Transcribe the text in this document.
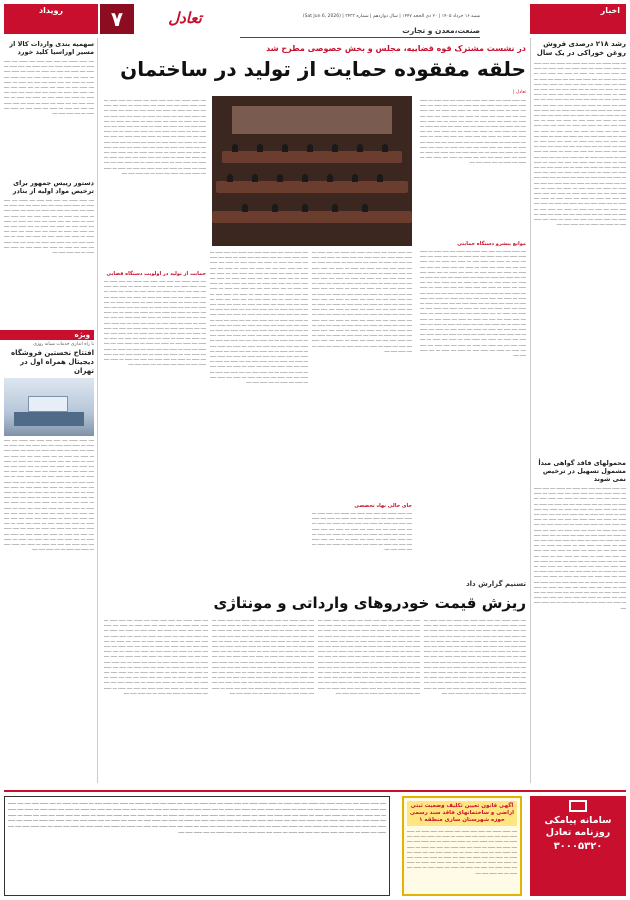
رویداد	۷	تعادل	شنبه ۱۶ خرداد ۱۴۰۵ | ۲۰ ذی الحجه ۱۴۴۷ | سال دوازدهم | شماره ۳۴۳۳ | (Sat Jun 6, 2026)
صنعت،معدن و تجارت
اخبار
رشد ۲۱۸ درصدی فروش روغن خوراکی در یک سال
ـــــ ـــــــ ــــــــ ـــــ ــــــ ــــــ ـــــــ ـــــ ــــــــ ـــــ ــــــ ـــــــ ــــ ـــــــ ـــــــ ـــــــ ـــــ ــــــ ـــــــ ـــــ ــــــ ـــــــ ــــ ـــــــ ـــــ ـــــــ ـــــ ــــــ ـــــ ـــــــ ــــ ـــــــ ـــــ ـــــــ ــــــ ــــ ـــــــ ـــــ ـــــــ ــــ ـــــ ـــــــ ــــــ ـــــ ـــــ ـــــــ ـــــ ـــــــ ــــ ـــــــ ـــــ ــــــ ـــــــ ـــــ ــــــ ـــــ ـــــــ ــــ ـــــــ ـــــ ـــــــ ــــــ ــــ ـــــــ ـــــ ـــــــ ــــ ـــــ ـــــــ ــــــ ـــــ ـــــ ـــــــ ـــــ ـــــــ ــــ ـــــــ ـــــ ــــــ ـــــــ ـــــ ــــــ ـــــ ـــــــ ــــ ـــــــ ـــــ ـــــــ ــــــ ــــ ـــــــ ـــــ ـــــــ ــــ ـــــ ـــــــ ــــــ ـــــ ـــــ ـــــــ ـــــ ـــــــ ــــ ـــــــ ـــــ ــــــ ـــــــ ـــــ ــــــ ـــــ ـــــــ ــــ ـــــــ ـــــ ـــــــ ــــــ ــــ ـــــــ ـــــ ـــــــ ــــ ـــــ ـــــــ ــــــ ـــــ ـــــ ـــــــ ـــــ ـــــــ ــــ ـــــــ ـــــ ــــــ ـــــــ ـــــ ــــــ ـــــ ـــــــ ــــ ـــــــ ـــــ ـــــــ ــــــ ــــ ـــــــ ـــــ ـــــــ ــــ ـــــ ـــــــ ــــــ ـــــ ـــــ ـــــــ ـــــ ـــــــ ــــ ـــــــ ـــــ ــــــ ـــــــ ـــــ ــــــ ـــــ ـــــــ ــــ ـــــــ ـــــ ـــــــ ــــــ ــــ ـــــــ ـــــ ـــــــ ــــ ـــــ ـــــــ ــــــ ـــــ ـــــ ـــــــ ـــــ ـــــــ ــــ ـــــــ ـــــ ــــــ ـــــــ ـــــ ــــــ ـــــ ـــــــ ــــ ـــــــ ـــــ ـــــــ ــــــ ــــ ـــــــ ـــــ ـــــــ ــــ ـــــ ـــــــ ــــــ ـــــ ـــــ ـــــــ ـــــ ـــــــ ــــ ـــــــ ـــــ ــــــ ـــــــ ـــــ ــــــ ـــــ ـــــــ ــــ ـــــــ ـــــ ـــــــ ــــــ ــــ ـــــــ ـــــ ـــــــ ــــ ـــــ ـــــــ ــــــ ـــــ ـــــ ـــــــ ـــــ ـــــــ ــــ ـــــــ ـــــ ــــــ ـــــــ ـــــ ــــــ ـــــ ـــــــ ــــ ـــــــ ـــــ ـــــــ ــــــ ــــ ـــــــ ـــــ ـــــــ ــــ ـــــ ـــــــ ــــــ ـــــ ـــــ ـــــــ ـــــ ـــــــ ــــ ـــــــ ـــــ ــــــ ـــــــ ـــــ ــــــ ـــــ ـــــــ ــــ ـــــــ ـــــ ـــــــ ــــــ ــــ ـــــــ ـــــ ـــــــ ــــ ـــــ ـــــــ ــــــ ـــــ ـــــ ـــــــ ـــــ ـــــــ ــــ ـــــــ ـــــ ــــــ ـــــــ ـــــ ــــــ ـــــ ـــــــ ــــ ـــــــ ـــــ ـــــــ ــــــ ــــ ـــــــ ـــــ ـــــــ ــــ ـــــ ـــــــ ــــــ ـــــ ـــــ ـــــــ ـــــ ـــــــ ــــ ـــــــ ـــــ ــــــ ـــــــ ـــــ ــــــ ـــــ ـــــــ ــــ ـــــــ ـــــ ـــــــ ــــــ ــــ ـــــــ ـــــ ـــــــ ــــ ـــــ ـــــــ ــــــ ـــــ ـــــ ـــــــ ـــــ ـــــــ ــــ ـــــــ ـــــ ــــــ ـــــــ ـــــ ــــــ ـــــ ـــــــ ــــ ـــــــ ـــــ ـــــــ ــــــ ــــ ـــــــ ـــــ ـــــــ ــــ ـــــ ـــــــ ــــــ ـــــ ـــــ ـــــــ ـــــ ـــــــ ــــ ـــــــ ـــــ ــــــ ـــــــ ـــــ ــــــ ـــــ ـــــــ ــــ ـــــــ ـــــ ـــــــ ــــــ ــــ ـــــــ ـــــ ـــــــ ــــ ـــــ ـــــــ ــــــ ـــــ
محمولهای فاقد گواهی مبدأ مشمول تسهیل در ترخیص نمی شوند
ـــــ ـــــــ ــــــــ ـــــ ــــــ ــــــ ـــــــ ـــــ ــــــــ ـــــ ــــــ ـــــــ ــــ ـــــــ ـــــــ ـــــــ ـــــ ــــــ ـــــــ ـــــ ــــــ ـــــــ ــــ ـــــــ ـــــ ـــــــ ـــــ ــــــ ـــــ ـــــــ ــــ ـــــــ ـــــ ـــــــ ــــــ ــــ ـــــــ ـــــ ـــــــ ــــ ـــــ ـــــــ ــــــ ـــــ ـــــ ـــــــ ـــــ ـــــــ ــــ ـــــــ ـــــ ــــــ ـــــــ ـــــ ــــــ ـــــ ـــــــ ــــ ـــــــ ـــــ ـــــــ ــــــ ــــ ـــــــ ـــــ ـــــــ ــــ ـــــ ـــــــ ــــــ ـــــ ـــــ ـــــــ ـــــ ـــــــ ــــ ـــــــ ـــــ ــــــ ـــــــ ـــــ ــــــ ـــــ ـــــــ ــــ ـــــــ ـــــ ـــــــ ــــــ ــــ ـــــــ ـــــ ـــــــ ــــ ـــــ ـــــــ ــــــ ـــــ ـــــ ـــــــ ـــــ ـــــــ ــــ ـــــــ ـــــ ــــــ ـــــــ ـــــ ــــــ ـــــ ـــــــ ــــ ـــــــ ـــــ ـــــــ ــــــ ــــ ـــــــ ـــــ ـــــــ ــــ ـــــ ـــــــ ــــــ ـــــ ـــــ ـــــــ ـــــ ـــــــ ــــ ـــــــ ـــــ ــــــ ـــــــ ـــــ ــــــ ـــــ ـــــــ ــــ ـــــــ ـــــ ـــــــ ــــــ ــــ ـــــــ ـــــ ـــــــ ــــ ـــــ ـــــــ ــــــ ـــــ ـــــ ـــــــ ـــــ ـــــــ ــــ ـــــــ ـــــ ــــــ ـــــــ ـــــ ــــــ ـــــ ـــــــ ــــ ـــــــ ـــــ ـــــــ ــــــ ــــ ـــــــ ـــــ ـــــــ ــــ ـــــ ـــــــ ــــــ ـــــ ـــــ ـــــــ ـــــ ـــــــ ــــ ـــــــ ـــــ ــــــ ـــــــ ـــــ ــــــ ـــــ ـــــــ ــــ ـــــــ ـــــ ـــــــ ــــــ ــــ ـــــــ ـــــ ـــــــ ــــ ـــــ ـــــــ ــــــ ـــــ ـــــ ـــــــ ـــــ ـــــــ ــــ ـــــــ ـــــ ــــــ ـــــــ ـــــ ــــــ ـــــ ـــــــ ــــ ـــــــ ـــــ ـــــــ ــــــ ــــ ـــــــ ـــــ ـــــــ ــــ ـــــ ـــــــ ــــــ ـــــ ـــــ ـــــــ ـــــ ـــــــ ــــ ـــــــ ـــــ ــــــ ـــــــ ـــــ ــــــ ـــــ ـــــــ ــــ ـــــــ ـــــ ـــــــ ــــــ ــــ ـــــــ ـــــ ـــــــ ــــ ـــــ ـــــــ ــــــ ـــــ ـــــ ـــــــ ـــــ ـــــــ ــــ ـــــــ ـــــ ــــــ ـــــــ ـــــ ــــــ ـــــ ـــــــ ــــ ـــــــ ـــــ ـــــــ ــــــ ــــ ـــــــ ـــــ ـــــــ ــــ ـــــ ـــــــ ــــــ ـــــ
سهمیه بندی واردات کالا از مسیر اوراسیا کلید خورد
ـــــ ـــــــ ــــــــ ـــــ ــــــ ــــــ ـــــــ ـــــ ــــــــ ـــــ ــــــ ـــــــ ــــ ـــــــ ـــــــ ـــــــ ـــــ ــــــ ـــــــ ـــــ ــــــ ـــــــ ــــ ـــــــ ـــــ ـــــــ ـــــ ــــــ ـــــ ـــــــ ــــ ـــــــ ـــــ ـــــــ ــــــ ــــ ـــــــ ـــــ ـــــــ ــــ ـــــ ـــــــ ــــــ ـــــ ـــــ ـــــــ ـــــ ـــــــ ــــ ـــــــ ـــــ ــــــ ـــــــ ـــــ ــــــ ـــــ ـــــــ ــــ ـــــــ ـــــ ـــــــ ــــــ ــــ ـــــــ ـــــ ـــــــ ــــ ـــــ ـــــــ ــــــ ـــــ ـــــ ـــــــ ـــــ ـــــــ ــــ ـــــــ ـــــ ــــــ ـــــــ ـــــ ــــــ ـــــ ـــــــ ــــ ـــــــ ـــــ ـــــــ ــــــ ــــ ـــــــ ـــــ ـــــــ ــــ ـــــ ـــــــ ــــــ ـــــ ـــــ ـــــــ ـــــ ـــــــ ــــ ـــــــ ـــــ ــــــ ـــــــ ـــــ ــــــ ـــــ ـــــــ ــــ ـــــــ ـــــ ـــــــ ــــــ ــــ ـــــــ ـــــ ـــــــ ــــ ـــــ ـــــــ ــــــ ـــــ
دستور رییس جمهور برای ترخیص مواد اولیه از بنادر
ـــــ ـــــــ ــــــــ ـــــ ــــــ ــــــ ـــــــ ـــــ ــــــــ ـــــ ــــــ ـــــــ ــــ ـــــــ ـــــــ ـــــــ ـــــ ــــــ ـــــــ ـــــ ــــــ ـــــــ ــــ ـــــــ ـــــ ـــــــ ـــــ ــــــ ـــــ ـــــــ ــــ ـــــــ ـــــ ـــــــ ــــــ ــــ ـــــــ ـــــ ـــــــ ــــ ـــــ ـــــــ ــــــ ـــــ ـــــ ـــــــ ـــــ ـــــــ ــــ ـــــــ ـــــ ــــــ ـــــــ ـــــ ــــــ ـــــ ـــــــ ــــ ـــــــ ـــــ ـــــــ ــــــ ــــ ـــــــ ـــــ ـــــــ ــــ ـــــ ـــــــ ــــــ ـــــ ـــــ ـــــــ ـــــ ـــــــ ــــ ـــــــ ـــــ ــــــ ـــــــ ـــــ ــــــ ـــــ ـــــــ ــــ ـــــــ ـــــ ـــــــ ــــــ ــــ ـــــــ ـــــ ـــــــ ــــ ـــــ ـــــــ ــــــ ـــــ ـــــ ـــــــ ـــــ ـــــــ ــــ ـــــــ ـــــ ــــــ ـــــــ ـــــ ــــــ ـــــ ـــــــ ــــ ـــــــ ـــــ ـــــــ ــــــ ــــ ـــــــ ـــــ ـــــــ ــــ ـــــ ـــــــ ــــــ ـــــ
ویژه
با راه اندازی خدمات شبانه روزی
افتتاح نخستین فروشگاه دیجیتال همراه اول در تهران
ـــــ ـــــــ ــــــــ ـــــ ــــــ ــــــ ـــــــ ـــــ ــــــــ ـــــ ــــــ ـــــــ ــــ ـــــــ ـــــــ ـــــــ ـــــ ــــــ ـــــــ ـــــ ــــــ ـــــــ ــــ ـــــــ ـــــ ـــــــ ـــــ ــــــ ـــــ ـــــــ ــــ ـــــــ ـــــ ـــــــ ــــــ ــــ ـــــــ ـــــ ـــــــ ــــ ـــــ ـــــــ ــــــ ـــــ ـــــ ـــــــ ـــــ ـــــــ ــــ ـــــــ ـــــ ــــــ ـــــــ ـــــ ــــــ ـــــ ـــــــ ــــ ـــــــ ـــــ ـــــــ ــــــ ــــ ـــــــ ـــــ ـــــــ ــــ ـــــ ـــــــ ــــــ ـــــ ـــــ ـــــــ ـــــ ـــــــ ــــ ـــــــ ـــــ ــــــ ـــــــ ـــــ ــــــ ـــــ ـــــــ ــــ ـــــــ ـــــ ـــــــ ــــــ ــــ ـــــــ ـــــ ـــــــ ــــ ـــــ ـــــــ ــــــ ـــــ ـــــ ـــــــ ـــــ ـــــــ ــــ ـــــــ ـــــ ــــــ ـــــــ ـــــ ــــــ ـــــ ـــــــ ــــ ـــــــ ـــــ ـــــــ ــــــ ــــ ـــــــ ـــــ ـــــــ ــــ ـــــ ـــــــ ــــــ ـــــ ـــــ ـــــــ ـــــ ـــــــ ــــ ـــــــ ـــــ ــــــ ـــــــ ـــــ ــــــ ـــــ ـــــــ ــــ ـــــــ ـــــ ـــــــ ــــــ ــــ ـــــــ ـــــ ـــــــ ــــ ـــــ ـــــــ ــــــ ـــــ ـــــ ـــــــ ـــــ ـــــــ ــــ ـــــــ ـــــ ــــــ ـــــــ ـــــ ــــــ ـــــ ـــــــ ــــ ـــــــ ـــــ ـــــــ ــــــ ــــ ـــــــ ـــــ ـــــــ ــــ ـــــ ـــــــ ــــــ ـــــ ـــــ ـــــــ ـــــ ـــــــ ــــ ـــــــ ـــــ ــــــ ـــــــ ـــــ ــــــ ـــــ ـــــــ ــــ ـــــــ ـــــ ـــــــ ــــــ ــــ ـــــــ ـــــ ـــــــ ــــ ـــــ ـــــــ ــــــ ـــــ ـــــ ـــــــ ـــــ ـــــــ ــــ ـــــــ ـــــ ــــــ ـــــــ ـــــ ــــــ ـــــ ـــــــ ــــ ـــــــ ـــــ ـــــــ ــــــ ــــ ـــــــ ـــــ ـــــــ ــــ ـــــ ـــــــ ــــــ ـــــ ـــــ ـــــــ ـــــ ـــــــ ــــ ـــــــ ـــــ ــــــ ـــــــ ـــــ ــــــ ـــــ ـــــــ ــــ ـــــــ ـــــ ـــــــ ــــــ ــــ ـــــــ ـــــ ـــــــ ــــ ـــــ ـــــــ ــــــ ـــــ
در نشست مشترک قوه قضاییه، مجلس و بخش خصوصی مطرح شد
حلقه مفقوده حمایت از تولید در ساختمان
تعادل |
ـــــ ـــــــ ــــــــ ـــــ ــــــ ــــــ ـــــــ ـــــ ــــــــ ـــــ ــــــ ـــــــ ــــ ـــــــ ـــــــ ـــــــ ـــــ ــــــ ـــــــ ـــــ ــــــ ـــــــ ــــ ـــــــ ـــــ ـــــــ ـــــ ــــــ ـــــ ـــــــ ــــ ـــــــ ـــــ ـــــــ ــــــ ــــ ـــــــ ـــــ ـــــــ ــــ ـــــ ـــــــ ــــــ ـــــ ـــــ ـــــــ ـــــ ـــــــ ــــ ـــــــ ـــــ ــــــ ـــــــ ـــــ ــــــ ـــــ ـــــــ ــــ ـــــــ ـــــ ـــــــ ــــــ ــــ ـــــــ ـــــ ـــــــ ــــ ـــــ ـــــــ ــــــ ـــــ ـــــ ـــــــ ـــــ ـــــــ ــــ ـــــــ ـــــ ــــــ ـــــــ ـــــ ــــــ ـــــ ـــــــ ــــ ـــــــ ـــــ ـــــــ ــــــ ــــ ـــــــ ـــــ ـــــــ ــــ ـــــ ـــــــ ــــــ ـــــ ـــــ ـــــــ ـــــ ـــــــ ــــ ـــــــ ـــــ ــــــ ـــــــ ـــــ ــــــ ـــــ ـــــــ ــــ ـــــــ ـــــ ـــــــ ــــــ ــــ ـــــــ ـــــ ـــــــ ــــ ـــــ ـــــــ ــــــ ـــــ ـــــ ـــــــ ـــــ ـــــــ ــــ ـــــــ ـــــ ــــــ ـــــــ ـــــ ــــــ ـــــ ـــــــ ــــ ـــــــ ـــــ ـــــــ ــــــ ــــ ـــــــ ـــــ ـــــــ ــــ ـــــ ـــــــ ــــــ ـــــ ـــــ ـــــــ ـــــ ـــــــ ــــ ـــــــ ـــــ ــــــ ـــــــ ـــــ ــــــ ـــــ ـــــــ ــــ ـــــــ ـــــ ـــــــ ــــــ ــــ ـــــــ ـــــ ـــــــ ــــ ـــــ ـــــــ ــــــ ـــــ
موانع پیشرو دستگاه حمایتی
ـــــ ـــــــ ــــــــ ـــــ ــــــ ــــــ ـــــــ ـــــ ــــــــ ـــــ ــــــ ـــــــ ــــ ـــــــ ـــــــ ـــــــ ـــــ ــــــ ـــــــ ـــــ ــــــ ـــــــ ــــ ـــــــ ـــــ ـــــــ ـــــ ــــــ ـــــ ـــــــ ــــ ـــــــ ـــــ ـــــــ ــــــ ــــ ـــــــ ـــــ ـــــــ ــــ ـــــ ـــــــ ــــــ ـــــ ـــــ ـــــــ ـــــ ـــــــ ــــ ـــــــ ـــــ ــــــ ـــــــ ـــــ ــــــ ـــــ ـــــــ ــــ ـــــــ ـــــ ـــــــ ــــــ ــــ ـــــــ ـــــ ـــــــ ــــ ـــــ ـــــــ ــــــ ـــــ ـــــ ـــــــ ـــــ ـــــــ ــــ ـــــــ ـــــ ــــــ ـــــــ ـــــ ــــــ ـــــ ـــــــ ــــ ـــــــ ـــــ ـــــــ ــــــ ــــ ـــــــ ـــــ ـــــــ ــــ ـــــ ـــــــ ــــــ ـــــ ـــــ ـــــــ ـــــ ـــــــ ــــ ـــــــ ـــــ ــــــ ـــــــ ـــــ ــــــ ـــــ ـــــــ ــــ ـــــــ ـــــ ـــــــ ــــــ ــــ ـــــــ ـــــ ـــــــ ــــ ـــــ ـــــــ ــــــ ـــــ ـــــ ـــــــ ـــــ ـــــــ ــــ ـــــــ ـــــ ــــــ ـــــــ ـــــ ــــــ ـــــ ـــــــ ــــ ـــــــ ـــــ ـــــــ ــــــ ــــ ـــــــ ـــــ ـــــــ ــــ ـــــ ـــــــ ــــــ ـــــ ـــــ ـــــــ ـــــ ـــــــ ــــ ـــــــ ـــــ ــــــ ـــــــ ـــــ ــــــ ـــــ ـــــــ ــــ ـــــــ ـــــ ـــــــ ــــــ ــــ ـــــــ ـــــ ـــــــ ــــ ـــــ ـــــــ ــــــ ـــــ ـــــ ـــــــ ـــــ ـــــــ ــــ ـــــــ ـــــ ــــــ ـــــــ ـــــ ــــــ ـــــ ـــــــ ــــ ـــــــ ـــــ ـــــــ ــــــ ــــ ـــــــ ـــــ ـــــــ ــــ ـــــ ـــــــ ــــــ ـــــ ـــــ ـــــــ ـــــ ـــــــ ــــ ـــــــ ـــــ ــــــ ـــــــ ـــــ ــــــ ـــــ ـــــــ ــــ ـــــــ ـــــ ـــــــ ــــــ ــــ ـــــــ ـــــ ـــــــ ــــ ـــــ ـــــــ ــــــ ـــــ ـــــ ـــــــ ـــــ ـــــــ ــــ ـــــــ ـــــ ــــــ ـــــــ ـــــ ــــــ ـــــ ـــــــ ــــ ـــــــ ـــــ ـــــــ ــــــ ــــ ـــــــ ـــــ ـــــــ ــــ ـــــ ـــــــ ــــــ ـــــ ـــــ ـــــــ ـــــ ـــــــ ــــ ـــــــ ـــــ ــــــ ـــــــ ـــــ ــــــ ـــــ ـــــــ ــــ ـــــــ ـــــ ـــــــ ــــــ ــــ ـــــــ ـــــ ـــــــ ــــ ـــــ ـــــــ ــــــ ـــــ
ـــــ ـــــــ ــــــــ ـــــ ــــــ ــــــ ـــــــ ـــــ ــــــــ ـــــ ــــــ ـــــــ ــــ ـــــــ ـــــــ ـــــــ ـــــ ــــــ ـــــــ ـــــ ــــــ ـــــــ ــــ ـــــــ ـــــ ـــــــ ـــــ ــــــ ـــــ ـــــــ ــــ ـــــــ ـــــ ـــــــ ــــــ ــــ ـــــــ ـــــ ـــــــ ــــ ـــــ ـــــــ ــــــ ـــــ ـــــ ـــــــ ـــــ ـــــــ ــــ ـــــــ ـــــ ــــــ ـــــــ ـــــ ــــــ ـــــ ـــــــ ــــ ـــــــ ـــــ ـــــــ ــــــ ــــ ـــــــ ـــــ ـــــــ ــــ ـــــ ـــــــ ــــــ ـــــ ـــــ ـــــــ ـــــ ـــــــ ــــ ـــــــ ـــــ ــــــ ـــــــ ـــــ ــــــ ـــــ ـــــــ ــــ ـــــــ ـــــ ـــــــ ــــــ ــــ ـــــــ ـــــ ـــــــ ــــ ـــــ ـــــــ ــــــ ـــــ ـــــ ـــــــ ـــــ ـــــــ ــــ ـــــــ ـــــ ــــــ ـــــــ ـــــ ــــــ ـــــ ـــــــ ــــ ـــــــ ـــــ ـــــــ ــــــ ــــ ـــــــ ـــــ ـــــــ ــــ ـــــ ـــــــ ــــــ ـــــ ـــــ ـــــــ ـــــ ـــــــ ــــ ـــــــ ـــــ ــــــ ـــــــ ـــــ ــــــ ـــــ ـــــــ ــــ ـــــــ ـــــ ـــــــ ــــــ ــــ ـــــــ ـــــ ـــــــ ــــ ـــــ ـــــــ ــــــ ـــــ ـــــ ـــــــ ـــــ ـــــــ ــــ ـــــــ ـــــ ــــــ ـــــــ ـــــ ــــــ ـــــ ـــــــ ــــ ـــــــ ـــــ ـــــــ ــــــ ــــ ـــــــ ـــــ ـــــــ ــــ ـــــ ـــــــ ــــــ ـــــ ـــــ ـــــــ ـــــ ـــــــ ــــ ـــــــ ـــــ ــــــ ـــــــ ـــــ ــــــ ـــــ ـــــــ ــــ ـــــــ ـــــ ـــــــ ــــــ ــــ ـــــــ ـــــ ـــــــ ــــ ـــــ ـــــــ ــــــ ـــــ
حمایت از تولید در اولویت دستگاه قضایی
ـــــ ـــــــ ــــــــ ـــــ ــــــ ــــــ ـــــــ ـــــ ــــــــ ـــــ ــــــ ـــــــ ــــ ـــــــ ـــــــ ـــــــ ـــــ ــــــ ـــــــ ـــــ ــــــ ـــــــ ــــ ـــــــ ـــــ ـــــــ ـــــ ــــــ ـــــ ـــــــ ــــ ـــــــ ـــــ ـــــــ ــــــ ــــ ـــــــ ـــــ ـــــــ ــــ ـــــ ـــــــ ــــــ ـــــ ـــــ ـــــــ ـــــ ـــــــ ــــ ـــــــ ـــــ ــــــ ـــــــ ـــــ ــــــ ـــــ ـــــــ ــــ ـــــــ ـــــ ـــــــ ــــــ ــــ ـــــــ ـــــ ـــــــ ــــ ـــــ ـــــــ ــــــ ـــــ ـــــ ـــــــ ـــــ ـــــــ ــــ ـــــــ ـــــ ــــــ ـــــــ ـــــ ــــــ ـــــ ـــــــ ــــ ـــــــ ـــــ ـــــــ ــــــ ــــ ـــــــ ـــــ ـــــــ ــــ ـــــ ـــــــ ــــــ ـــــ ـــــ ـــــــ ـــــ ـــــــ ــــ ـــــــ ـــــ ــــــ ـــــــ ـــــ ــــــ ـــــ ـــــــ ــــ ـــــــ ـــــ ـــــــ ــــــ ــــ ـــــــ ـــــ ـــــــ ــــ ـــــ ـــــــ ــــــ ـــــ ـــــ ـــــــ ـــــ ـــــــ ــــ ـــــــ ـــــ ــــــ ـــــــ ـــــ ــــــ ـــــ ـــــــ ــــ ـــــــ ـــــ ـــــــ ــــــ ــــ ـــــــ ـــــ ـــــــ ــــ ـــــ ـــــــ ــــــ ـــــ ـــــ ـــــــ ـــــ ـــــــ ــــ ـــــــ ـــــ ــــــ ـــــــ ـــــ ــــــ ـــــ ـــــــ ــــ ـــــــ ـــــ ـــــــ ــــــ ــــ ـــــــ ـــــ ـــــــ ــــ ـــــ ـــــــ ــــــ ـــــ ـــــ ـــــــ ـــــ ـــــــ ــــ ـــــــ ـــــ ــــــ ـــــــ ـــــ ــــــ ـــــ ـــــــ ــــ ـــــــ ـــــ ـــــــ ــــــ ــــ ـــــــ ـــــ ـــــــ ــــ ـــــ ـــــــ ــــــ ـــــ ـــــ ـــــــ ـــــ ـــــــ ــــ ـــــــ ـــــ ــــــ ـــــــ ـــــ ــــــ ـــــ ـــــــ ــــ ـــــــ ـــــ ـــــــ ــــــ ــــ ـــــــ ـــــ ـــــــ ــــ ـــــ ـــــــ ــــــ ـــــ
ـــــ ـــــــ ــــــــ ـــــ ــــــ ــــــ ـــــــ ـــــ ــــــــ ـــــ ــــــ ـــــــ ــــ ـــــــ ـــــــ ـــــــ ـــــ ــــــ ـــــــ ـــــ ــــــ ـــــــ ــــ ـــــــ ـــــ ـــــــ ـــــ ــــــ ـــــ ـــــــ ــــ ـــــــ ـــــ ـــــــ ــــــ ــــ ـــــــ ـــــ ـــــــ ــــ ـــــ ـــــــ ــــــ ـــــ ـــــ ـــــــ ـــــ ـــــــ ــــ ـــــــ ـــــ ــــــ ـــــــ ـــــ ــــــ ـــــ ـــــــ ــــ ـــــــ ـــــ ـــــــ ــــــ ــــ ـــــــ ـــــ ـــــــ ــــ ـــــ ـــــــ ــــــ ـــــ ـــــ ـــــــ ـــــ ـــــــ ــــ ـــــــ ـــــ ــــــ ـــــــ ـــــ ــــــ ـــــ ـــــــ ــــ ـــــــ ـــــ ـــــــ ــــــ ــــ ـــــــ ـــــ ـــــــ ــــ ـــــ ـــــــ ــــــ ـــــ ـــــ ـــــــ ـــــ ـــــــ ــــ ـــــــ ـــــ ــــــ ـــــــ ـــــ ــــــ ـــــ ـــــــ ــــ ـــــــ ـــــ ـــــــ ــــــ ــــ ـــــــ ـــــ ـــــــ ــــ ـــــ ـــــــ ــــــ ـــــ ـــــ ـــــــ ـــــ ـــــــ ــــ ـــــــ ـــــ ــــــ ـــــــ ـــــ ــــــ ـــــ ـــــــ ــــ ـــــــ ـــــ ـــــــ ــــــ ــــ ـــــــ ـــــ ـــــــ ــــ ـــــ ـــــــ ــــــ ـــــ ـــــ ـــــــ ـــــ ـــــــ ــــ ـــــــ ـــــ ــــــ ـــــــ ـــــ ــــــ ـــــ ـــــــ ــــ ـــــــ ـــــ ـــــــ ــــــ ــــ ـــــــ ـــــ ـــــــ ــــ ـــــ ـــــــ ــــــ ـــــ ـــــ ـــــــ ـــــ ـــــــ ــــ ـــــــ ـــــ ــــــ ـــــــ ـــــ ــــــ ـــــ ـــــــ ــــ ـــــــ ـــــ ـــــــ ــــــ ــــ ـــــــ ـــــ ـــــــ ــــ ـــــ ـــــــ ــــــ ـــــ ـــــ ـــــــ ـــــ ـــــــ ــــ ـــــــ ـــــ ــــــ ـــــــ ـــــ ــــــ ـــــ ـــــــ ــــ ـــــــ ـــــ ـــــــ ــــــ ــــ ـــــــ ـــــ ـــــــ ــــ ـــــ ـــــــ ــــــ ـــــ ـــــ ـــــــ ـــــ ـــــــ ــــ ـــــــ ـــــ ــــــ ـــــــ ـــــ ــــــ ـــــ ـــــــ ــــ ـــــــ ـــــ ـــــــ ــــــ ــــ ـــــــ ـــــ ـــــــ ــــ ـــــ ـــــــ ــــــ ـــــ
جای خالی نهاد تخصصی
ـــــ ـــــــ ــــــــ ـــــ ــــــ ــــــ ـــــــ ـــــ ــــــــ ـــــ ــــــ ـــــــ ــــ ـــــــ ـــــــ ـــــــ ـــــ ــــــ ـــــــ ـــــ ــــــ ـــــــ ــــ ـــــــ ـــــ ـــــــ ـــــ ــــــ ـــــ ـــــــ ــــ ـــــــ ـــــ ـــــــ ــــــ ــــ ـــــــ ـــــ ـــــــ ــــ ـــــ ـــــــ ــــــ ـــــ ـــــ ـــــــ ـــــ ـــــــ ــــ ـــــــ ـــــ ــــــ ـــــــ ـــــ ــــــ ـــــ ـــــــ ــــ ـــــــ ـــــ ـــــــ ــــــ ــــ ـــــــ ـــــ ـــــــ ــــ ـــــ ـــــــ ــــــ ـــــ ـــــ ـــــــ ـــــ ـــــــ ــــ ـــــــ ـــــ ــــــ ـــــــ ـــــ ــــــ ـــــ ـــــــ ــــ ـــــــ ـــــ ـــــــ ــــــ ــــ ـــــــ ـــــ ـــــــ ــــ ـــــ ـــــــ ــــــ ـــــ
ـــــ ـــــــ ــــــــ ـــــ ــــــ ــــــ ـــــــ ـــــ ــــــــ ـــــ ــــــ ـــــــ ــــ ـــــــ ـــــــ ـــــــ ـــــ ــــــ ـــــــ ـــــ ــــــ ـــــــ ــــ ـــــــ ـــــ ـــــــ ـــــ ــــــ ـــــ ـــــــ ــــ ـــــــ ـــــ ـــــــ ــــــ ــــ ـــــــ ـــــ ـــــــ ــــ ـــــ ـــــــ ــــــ ـــــ ـــــ ـــــــ ـــــ ـــــــ ــــ ـــــــ ـــــ ــــــ ـــــــ ـــــ ــــــ ـــــ ـــــــ ــــ ـــــــ ـــــ ـــــــ ــــــ ــــ ـــــــ ـــــ ـــــــ ــــ ـــــ ـــــــ ــــــ ـــــ ـــــ ـــــــ ـــــ ـــــــ ــــ ـــــــ ـــــ ــــــ ـــــــ ـــــ ــــــ ـــــ ـــــــ ــــ ـــــــ ـــــ ـــــــ ــــــ ــــ ـــــــ ـــــ ـــــــ ــــ ـــــ ـــــــ ــــــ ـــــ ـــــ ـــــــ ـــــ ـــــــ ــــ ـــــــ ـــــ ــــــ ـــــــ ـــــ ــــــ ـــــ ـــــــ ــــ ـــــــ ـــــ ـــــــ ــــــ ــــ ـــــــ ـــــ ـــــــ ــــ ـــــ ـــــــ ــــــ ـــــ ـــــ ـــــــ ـــــ ـــــــ ــــ ـــــــ ـــــ ــــــ ـــــــ ـــــ ــــــ ـــــ ـــــــ ــــ ـــــــ ـــــ ـــــــ ــــــ ــــ ـــــــ ـــــ ـــــــ ــــ ـــــ ـــــــ ــــــ ـــــ ـــــ ـــــــ ـــــ ـــــــ ــــ ـــــــ ـــــ ــــــ ـــــــ ـــــ ــــــ ـــــ ـــــــ ــــ ـــــــ ـــــ ـــــــ ــــــ ــــ ـــــــ ـــــ ـــــــ ــــ ـــــ ـــــــ ــــــ ـــــ ـــــ ـــــــ ـــــ ـــــــ ــــ ـــــــ ـــــ ــــــ ـــــــ ـــــ ــــــ ـــــ ـــــــ ــــ ـــــــ ـــــ ـــــــ ــــــ ــــ ـــــــ ـــــ ـــــــ ــــ ـــــ ـــــــ ــــــ ـــــ ـــــ ـــــــ ـــــ ـــــــ ــــ ـــــــ ـــــ ــــــ ـــــــ ـــــ ــــــ ـــــ ـــــــ ــــ ـــــــ ـــــ ـــــــ ــــــ ــــ ـــــــ ـــــ ـــــــ ــــ ـــــ ـــــــ ــــــ ـــــ ـــــ ـــــــ ـــــ ـــــــ ــــ ـــــــ ـــــ ــــــ ـــــــ ـــــ ــــــ ـــــ ـــــــ ــــ ـــــــ ـــــ ـــــــ ــــــ ــــ ـــــــ ـــــ ـــــــ ــــ ـــــ ـــــــ ــــــ ـــــ ـــــ ـــــــ ـــــ ـــــــ ــــ ـــــــ ـــــ ــــــ ـــــــ ـــــ ــــــ ـــــ ـــــــ ــــ ـــــــ ـــــ ـــــــ ــــــ ــــ ـــــــ ـــــ ـــــــ ــــ ـــــ ـــــــ ــــــ ـــــ ـــــ ـــــــ ـــــ ـــــــ ــــ ـــــــ ـــــ ــــــ ـــــــ ـــــ ــــــ ـــــ ـــــــ ــــ ـــــــ ـــــ ـــــــ ــــــ ــــ ـــــــ ـــــ ـــــــ ــــ ـــــ ـــــــ ــــــ ـــــ ـــــ ـــــــ ـــــ ـــــــ ــــ ـــــــ ـــــ ــــــ ـــــــ ـــــ ــــــ ـــــ ـــــــ ــــ ـــــــ ـــــ ـــــــ ــــــ ــــ ـــــــ ـــــ ـــــــ ــــ ـــــ ـــــــ ــــــ ـــــ
تسنیم گزارش داد
ریزش قیمت خودروهای وارداتی و مونتاژی
ـــــ ـــــــ ــــــــ ـــــ ــــــ ــــــ ـــــــ ـــــ ــــــــ ـــــ ــــــ ـــــــ ــــ ـــــــ ـــــــ ـــــــ ـــــ ــــــ ـــــــ ـــــ ــــــ ـــــــ ــــ ـــــــ ـــــ ـــــــ ـــــ ــــــ ـــــ ـــــــ ــــ ـــــــ ـــــ ـــــــ ــــــ ــــ ـــــــ ـــــ ـــــــ ــــ ـــــ ـــــــ ــــــ ـــــ ـــــ ـــــــ ـــــ ـــــــ ــــ ـــــــ ـــــ ــــــ ـــــــ ـــــ ــــــ ـــــ ـــــــ ــــ ـــــــ ـــــ ـــــــ ــــــ ــــ ـــــــ ـــــ ـــــــ ــــ ـــــ ـــــــ ــــــ ـــــ ـــــ ـــــــ ـــــ ـــــــ ــــ ـــــــ ـــــ ــــــ ـــــــ ـــــ ــــــ ـــــ ـــــــ ــــ ـــــــ ـــــ ـــــــ ــــــ ــــ ـــــــ ـــــ ـــــــ ــــ ـــــ ـــــــ ــــــ ـــــ ـــــ ـــــــ ـــــ ـــــــ ــــ ـــــــ ـــــ ــــــ ـــــــ ـــــ ــــــ ـــــ ـــــــ ــــ ـــــــ ـــــ ـــــــ ــــــ ــــ ـــــــ ـــــ ـــــــ ــــ ـــــ ـــــــ ــــــ ـــــ ـــــ ـــــــ ـــــ ـــــــ ــــ ـــــــ ـــــ ــــــ ـــــــ ـــــ ــــــ ـــــ ـــــــ ــــ ـــــــ ـــــ ـــــــ ــــــ ــــ ـــــــ ـــــ ـــــــ ــــ ـــــ ـــــــ ــــــ ـــــ ـــــ ـــــــ ـــــ ـــــــ ــــ ـــــــ ـــــ ــــــ ـــــــ ـــــ ــــــ ـــــ ـــــــ ــــ ـــــــ ـــــ ـــــــ ــــــ ــــ ـــــــ ـــــ ـــــــ ــــ ـــــ ـــــــ ــــــ ـــــ ـــــ ـــــــ ـــــ ـــــــ ــــ ـــــــ ـــــ ــــــ ـــــــ ـــــ ــــــ ـــــ ـــــــ ــــ ـــــــ ـــــ ـــــــ ــــــ ــــ ـــــــ ـــــ ـــــــ ــــ ـــــ ـــــــ ــــــ ـــــ
ـــــ ـــــــ ــــــــ ـــــ ــــــ ــــــ ـــــــ ـــــ ــــــــ ـــــ ــــــ ـــــــ ــــ ـــــــ ـــــــ ـــــــ ـــــ ــــــ ـــــــ ـــــ ــــــ ـــــــ ــــ ـــــــ ـــــ ـــــــ ـــــ ــــــ ـــــ ـــــــ ــــ ـــــــ ـــــ ـــــــ ــــــ ــــ ـــــــ ـــــ ـــــــ ــــ ـــــ ـــــــ ــــــ ـــــ ـــــ ـــــــ ـــــ ـــــــ ــــ ـــــــ ـــــ ــــــ ـــــــ ـــــ ــــــ ـــــ ـــــــ ــــ ـــــــ ـــــ ـــــــ ــــــ ــــ ـــــــ ـــــ ـــــــ ــــ ـــــ ـــــــ ــــــ ـــــ ـــــ ـــــــ ـــــ ـــــــ ــــ ـــــــ ـــــ ــــــ ـــــــ ـــــ ــــــ ـــــ ـــــــ ــــ ـــــــ ـــــ ـــــــ ــــــ ــــ ـــــــ ـــــ ـــــــ ــــ ـــــ ـــــــ ــــــ ـــــ ـــــ ـــــــ ـــــ ـــــــ ــــ ـــــــ ـــــ ــــــ ـــــــ ـــــ ــــــ ـــــ ـــــــ ــــ ـــــــ ـــــ ـــــــ ــــــ ــــ ـــــــ ـــــ ـــــــ ــــ ـــــ ـــــــ ــــــ ـــــ ـــــ ـــــــ ـــــ ـــــــ ــــ ـــــــ ـــــ ــــــ ـــــــ ـــــ ــــــ ـــــ ـــــــ ــــ ـــــــ ـــــ ـــــــ ــــــ ــــ ـــــــ ـــــ ـــــــ ــــ ـــــ ـــــــ ــــــ ـــــ ـــــ ـــــــ ـــــ ـــــــ ــــ ـــــــ ـــــ ــــــ ـــــــ ـــــ ــــــ ـــــ ـــــــ ــــ ـــــــ ـــــ ـــــــ ــــــ ــــ ـــــــ ـــــ ـــــــ ــــ ـــــ ـــــــ ــــــ ـــــ ـــــ ـــــــ ـــــ ـــــــ ــــ ـــــــ ـــــ ــــــ ـــــــ ـــــ ــــــ ـــــ ـــــــ ــــ ـــــــ ـــــ ـــــــ ــــــ ــــ ـــــــ ـــــ ـــــــ ــــ ـــــ ـــــــ ــــــ ـــــ
ـــــ ـــــــ ــــــــ ـــــ ــــــ ــــــ ـــــــ ـــــ ــــــــ ـــــ ــــــ ـــــــ ــــ ـــــــ ـــــــ ـــــــ ـــــ ــــــ ـــــــ ـــــ ــــــ ـــــــ ــــ ـــــــ ـــــ ـــــــ ـــــ ــــــ ـــــ ـــــــ ــــ ـــــــ ـــــ ـــــــ ــــــ ــــ ـــــــ ـــــ ـــــــ ــــ ـــــ ـــــــ ــــــ ـــــ ـــــ ـــــــ ـــــ ـــــــ ــــ ـــــــ ـــــ ــــــ ـــــــ ـــــ ــــــ ـــــ ـــــــ ــــ ـــــــ ـــــ ـــــــ ــــــ ــــ ـــــــ ـــــ ـــــــ ــــ ـــــ ـــــــ ــــــ ـــــ ـــــ ـــــــ ـــــ ـــــــ ــــ ـــــــ ـــــ ــــــ ـــــــ ـــــ ــــــ ـــــ ـــــــ ــــ ـــــــ ـــــ ـــــــ ــــــ ــــ ـــــــ ـــــ ـــــــ ــــ ـــــ ـــــــ ــــــ ـــــ ـــــ ـــــــ ـــــ ـــــــ ــــ ـــــــ ـــــ ــــــ ـــــــ ـــــ ــــــ ـــــ ـــــــ ــــ ـــــــ ـــــ ـــــــ ــــــ ــــ ـــــــ ـــــ ـــــــ ــــ ـــــ ـــــــ ــــــ ـــــ ـــــ ـــــــ ـــــ ـــــــ ــــ ـــــــ ـــــ ــــــ ـــــــ ـــــ ــــــ ـــــ ـــــــ ــــ ـــــــ ـــــ ـــــــ ــــــ ــــ ـــــــ ـــــ ـــــــ ــــ ـــــ ـــــــ ــــــ ـــــ ـــــ ـــــــ ـــــ ـــــــ ــــ ـــــــ ـــــ ــــــ ـــــــ ـــــ ــــــ ـــــ ـــــــ ــــ ـــــــ ـــــ ـــــــ ــــــ ــــ ـــــــ ـــــ ـــــــ ــــ ـــــ ـــــــ ــــــ ـــــ ـــــ ـــــــ ـــــ ـــــــ ــــ ـــــــ ـــــ ــــــ ـــــــ ـــــ ــــــ ـــــ ـــــــ ــــ ـــــــ ـــــ ـــــــ ــــــ ــــ ـــــــ ـــــ ـــــــ ــــ ـــــ ـــــــ ــــــ ـــــ
ـــــ ـــــــ ــــــــ ـــــ ــــــ ــــــ ـــــــ ـــــ ــــــــ ـــــ ــــــ ـــــــ ــــ ـــــــ ـــــــ ـــــــ ـــــ ــــــ ـــــــ ـــــ ــــــ ـــــــ ــــ ـــــــ ـــــ ـــــــ ـــــ ــــــ ـــــ ـــــــ ــــ ـــــــ ـــــ ـــــــ ــــــ ــــ ـــــــ ـــــ ـــــــ ــــ ـــــ ـــــــ ــــــ ـــــ ـــــ ـــــــ ـــــ ـــــــ ــــ ـــــــ ـــــ ــــــ ـــــــ ـــــ ــــــ ـــــ ـــــــ ــــ ـــــــ ـــــ ـــــــ ــــــ ــــ ـــــــ ـــــ ـــــــ ــــ ـــــ ـــــــ ــــــ ـــــ ـــــ ـــــــ ـــــ ـــــــ ــــ ـــــــ ـــــ ــــــ ـــــــ ـــــ ــــــ ـــــ ـــــــ ــــ ـــــــ ـــــ ـــــــ ــــــ ــــ ـــــــ ـــــ ـــــــ ــــ ـــــ ـــــــ ــــــ ـــــ ـــــ ـــــــ ـــــ ـــــــ ــــ ـــــــ ـــــ ــــــ ـــــــ ـــــ ــــــ ـــــ ـــــــ ــــ ـــــــ ـــــ ـــــــ ــــــ ــــ ـــــــ ـــــ ـــــــ ــــ ـــــ ـــــــ ــــــ ـــــ ـــــ ـــــــ ـــــ ـــــــ ــــ ـــــــ ـــــ ــــــ ـــــــ ـــــ ــــــ ـــــ ـــــــ ــــ ـــــــ ـــــ ـــــــ ــــــ ــــ ـــــــ ـــــ ـــــــ ــــ ـــــ ـــــــ ــــــ ـــــ ـــــ ـــــــ ـــــ ـــــــ ــــ ـــــــ ـــــ ــــــ ـــــــ ـــــ ــــــ ـــــ ـــــــ ــــ ـــــــ ـــــ ـــــــ ــــــ ــــ ـــــــ ـــــ ـــــــ ــــ ـــــ ـــــــ ــــــ ـــــ ـــــ ـــــــ ـــــ ـــــــ ــــ ـــــــ ـــــ ــــــ ـــــــ ـــــ ــــــ ـــــ ـــــــ ــــ ـــــــ ـــــ ـــــــ ــــــ ــــ ـــــــ ـــــ ـــــــ ــــ ـــــ ـــــــ ــــــ ـــــ
سامانه پیامکی روزنامه تعادل
۳۰۰۰۵۳۲۰
آگهی قانون تعیین تکلیف وضعیت ثبتی اراضی و ساختمانهای فاقد سند رسمی حوزه شهرستان ساری منطقه ۱
ـــــ ـــــــ ــــــــ ـــــ ــــــ ــــــ ـــــــ ـــــ ــــــــ ـــــ ــــــ ـــــــ ــــ ـــــــ ـــــــ ـــــــ ـــــ ــــــ ـــــــ ـــــ ــــــ ـــــــ ــــ ـــــــ ـــــ ـــــــ ـــــ ــــــ ـــــ ـــــــ ــــ ـــــــ ـــــ ـــــــ ــــــ ــــ ـــــــ ـــــ ـــــــ ــــ ـــــ ـــــــ ــــــ ـــــ ـــــ ـــــــ ـــــ ـــــــ ــــ ـــــــ ـــــ ــــــ ـــــــ ـــــ ــــــ ـــــ ـــــــ ــــ ـــــــ ـــــ ـــــــ ــــــ ــــ ـــــــ ـــــ ـــــــ ــــ ـــــ ـــــــ ــــــ ـــــ ـــــ ـــــــ ـــــ ـــــــ ــــ ـــــــ ـــــ ــــــ ـــــــ ـــــ ــــــ ـــــ ـــــــ ــــ ـــــــ ـــــ ـــــــ ــــــ ــــ ـــــــ ـــــ ـــــــ ــــ ـــــ ـــــــ ــــــ ـــــ ـــــ ـــــــ ـــــ ـــــــ ــــ ـــــــ ـــــ ــــــ ـــــــ ـــــ ــــــ ـــــ ـــــــ ــــ ـــــــ ـــــ ـــــــ ــــــ ــــ ـــــــ ـــــ ـــــــ ــــ ـــــ ـــــــ ــــــ ـــــ
ـــــ ـــــــ ــــــــ ـــــ ــــــ ــــــ ـــــــ ـــــ ــــــــ ـــــ ــــــ ـــــــ ــــ ـــــــ ـــــــ ـــــــ ـــــ ــــــ ـــــــ ـــــ ــــــ ـــــــ ــــ ـــــــ ـــــ ـــــــ ـــــ ــــــ ـــــ ـــــــ ــــ ـــــــ ـــــ ـــــــ ــــــ ــــ ـــــــ ـــــ ـــــــ ــــ ـــــ ـــــــ ــــــ ـــــ ـــــ ـــــــ ـــــ ـــــــ ــــ ـــــــ ـــــ ــــــ ـــــــ ـــــ ــــــ ـــــ ـــــــ ــــ ـــــــ ـــــ ـــــــ ــــــ ــــ ـــــــ ـــــ ـــــــ ــــ ـــــ ـــــــ ــــــ ـــــ ـــــ ـــــــ ـــــ ـــــــ ــــ ـــــــ ـــــ ــــــ ـــــــ ـــــ ــــــ ـــــ ـــــــ ــــ ـــــــ ـــــ ـــــــ ــــــ ــــ ـــــــ ـــــ ـــــــ ــــ ـــــ ـــــــ ــــــ ـــــ ـــــ ـــــــ ـــــ ـــــــ ــــ ـــــــ ـــــ ــــــ ـــــــ ـــــ ــــــ ـــــ ـــــــ ــــ ـــــــ ـــــ ـــــــ ــــــ ــــ ـــــــ ـــــ ـــــــ ــــ ـــــ ـــــــ ــــــ ـــــ ـــــ ـــــــ ـــــ ـــــــ ــــ ـــــــ ـــــ ــــــ ـــــــ ـــــ ــــــ ـــــ ـــــــ ــــ ـــــــ ـــــ ـــــــ ــــــ ــــ ـــــــ ـــــ ـــــــ ــــ ـــــ ـــــــ ــــــ ـــــ ـــــ ـــــــ ـــــ ـــــــ ــــ ـــــــ ـــــ ــــــ ـــــــ ـــــ ــــــ ـــــ ـــــــ ــــ ـــــــ ـــــ ـــــــ ــــــ ــــ ـــــــ ـــــ ـــــــ ــــ ـــــ ـــــــ ــــــ ـــــ ـــــ ـــــــ ـــــ ـــــــ ــــ ـــــــ ـــــ ــــــ ـــــــ ـــــ ــــــ ـــــ ـــــــ ــــ ـــــــ ـــــ ـــــــ ــــــ ــــ ـــــــ ـــــ ـــــــ ــــ ـــــ ـــــــ ــــــ ـــــ ـــــ ـــــــ ـــــ ـــــــ ــــ ـــــــ ـــــ ــــــ ـــــــ ـــــ ــــــ ـــــ ـــــــ ــــ ـــــــ ـــــ ـــــــ ــــــ ــــ ـــــــ ـــــ ـــــــ ــــ ـــــ ـــــــ ــــــ ـــــ ـــــ ـــــــ ـــــ ـــــــ ــــ ـــــــ ـــــ ــــــ ـــــــ ـــــ ــــــ ـــــ ـــــــ ــــ ـــــــ ـــــ ـــــــ ــــــ ــــ ـــــــ ـــــ ـــــــ ــــ ـــــ ـــــــ ــــــ ـــــ
